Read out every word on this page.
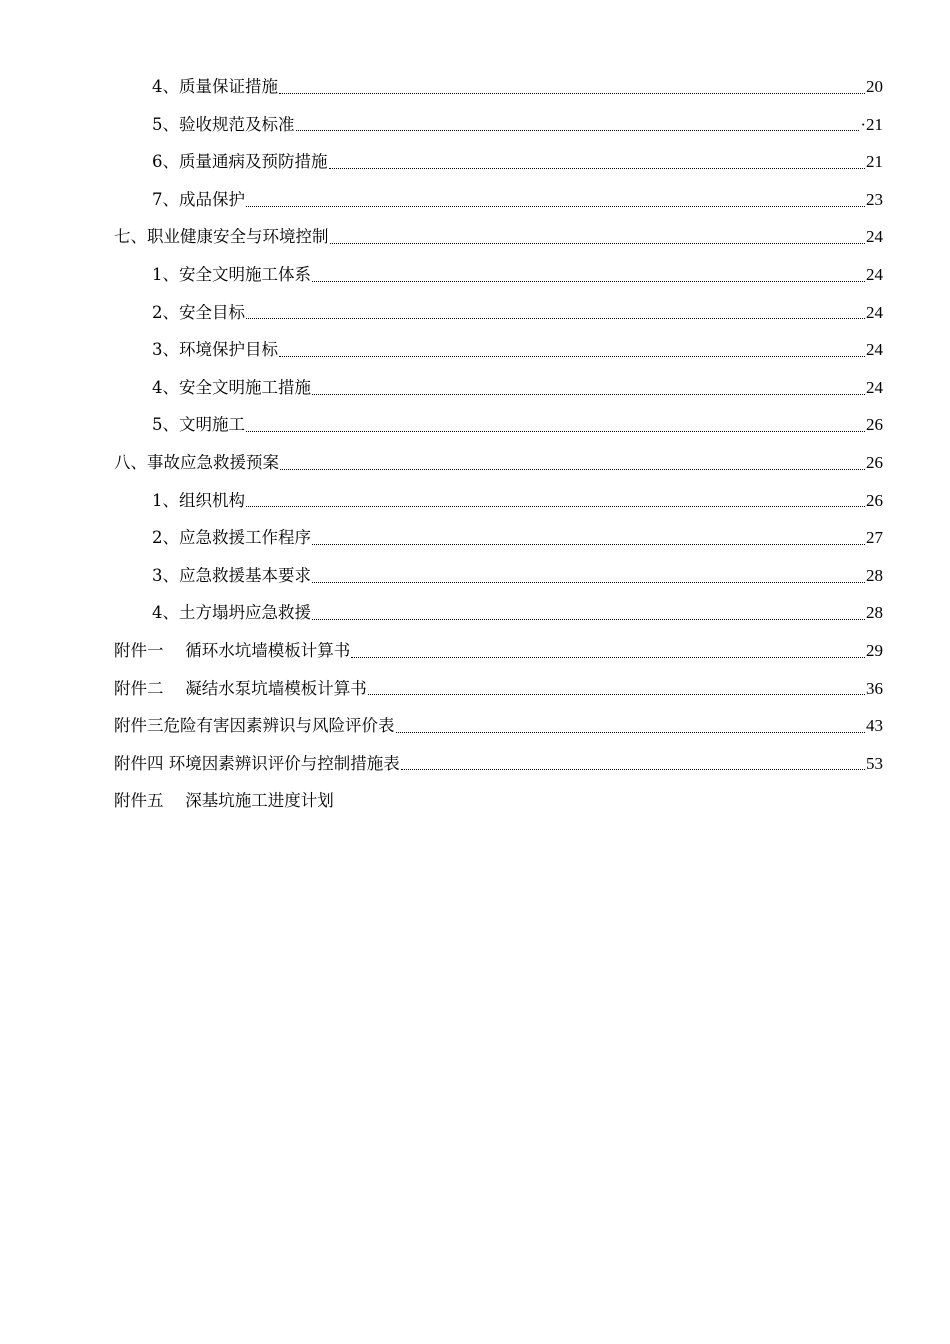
4、质量保证措施	20
5、验收规范及标准	·21
6、质量通病及预防措施	21
7、成品保护	23
七、职业健康安全与环境控制	24
1、安全文明施工体系	24
2、安全目标	24
3、环境保护目标	24
4、安全文明施工措施	24
5、文明施工	26
八、事故应急救援预案	26
1、组织机构	26
2、应急救援工作程序	27
3、应急救援基本要求	28
4、土方塌坍应急救援	28
附件一　 循环水坑墙模板计算书	29
附件二　 凝结水泵坑墙模板计算书	36
附件三危险有害因素辨识与风险评价表	43
附件四 环境因素辨识评价与控制措施表	53
附件五　 深基坑施工进度计划
